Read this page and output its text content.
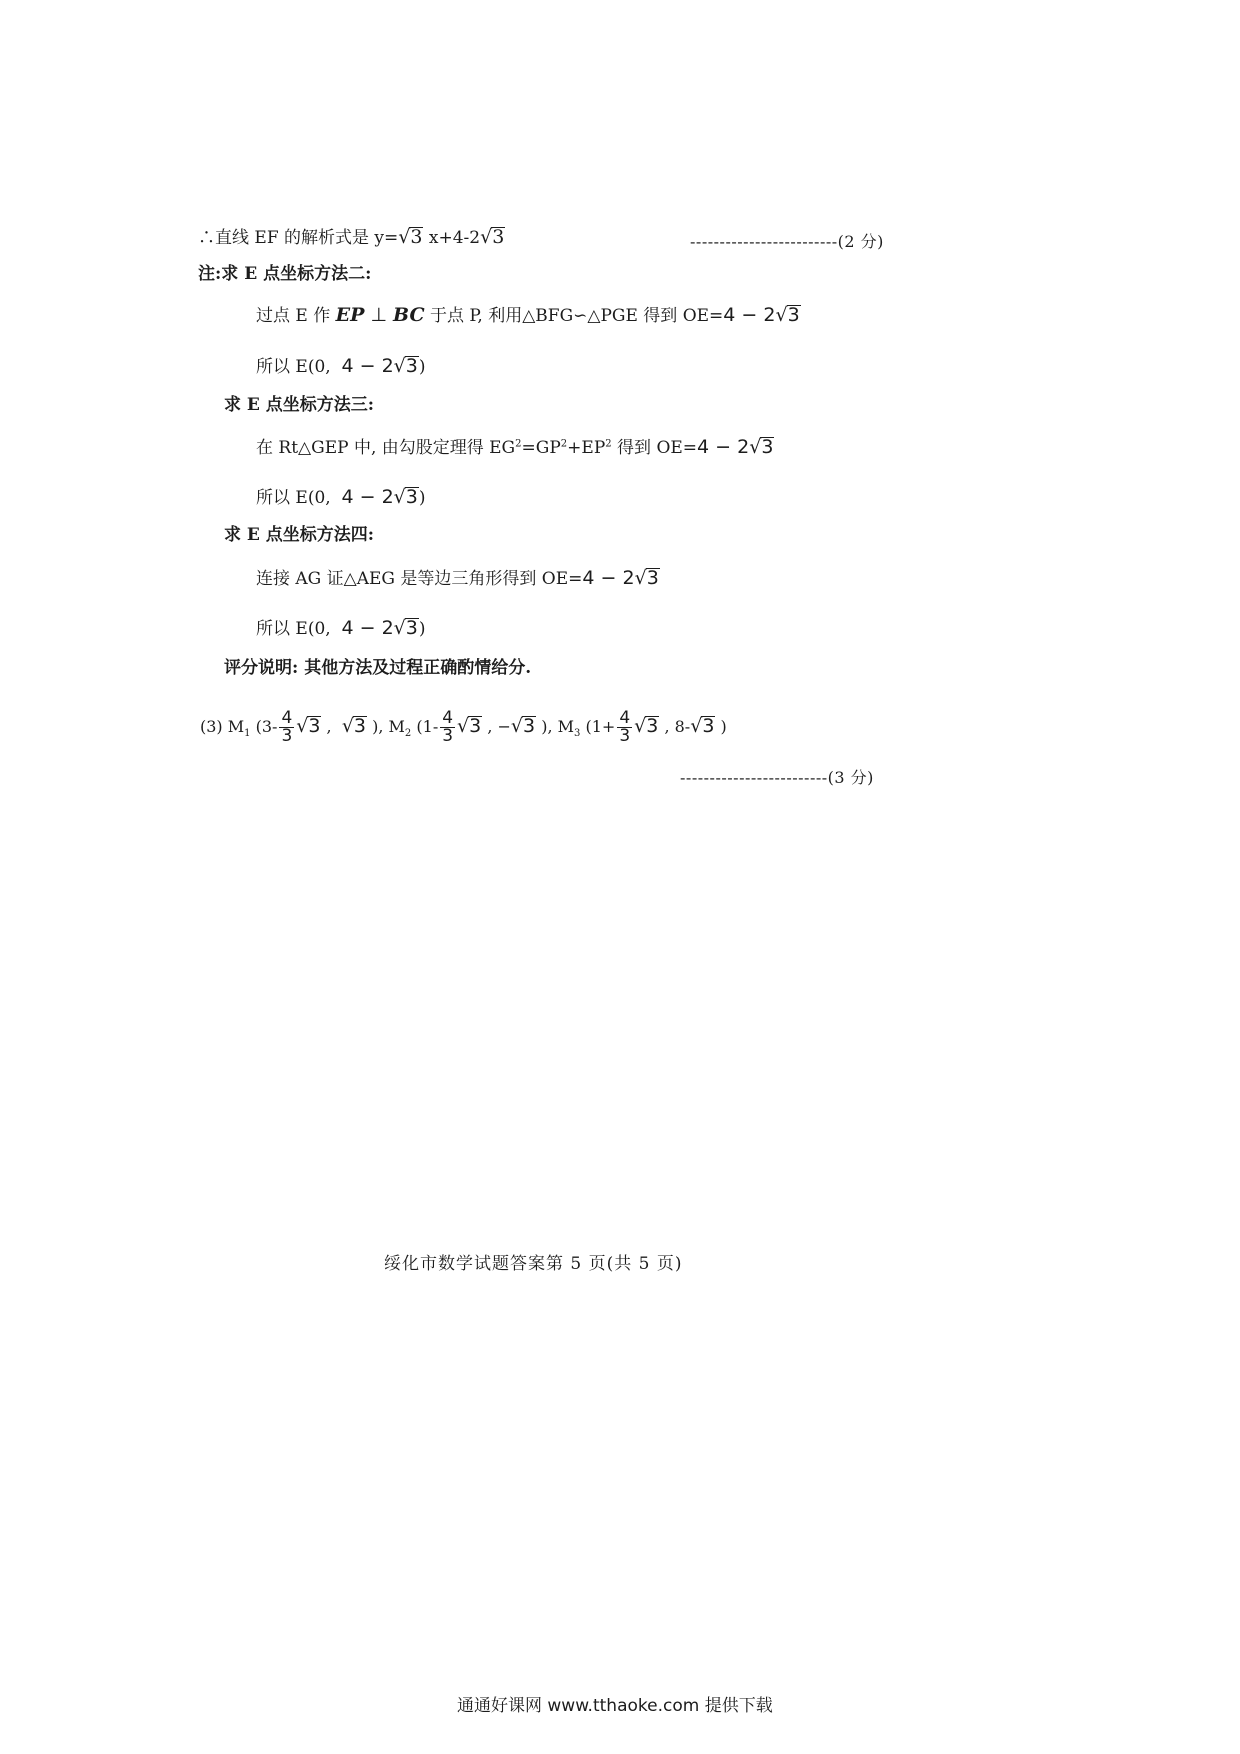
∴直线 EF 的解析式是 y=√3 x+4-2√3	-------------------------(2 分)
注:求 E 点坐标方法二:
过点 E 作 EP ⊥ BC 于点 P, 利用△BFG∽△PGE 得到 OE=4 − 2√3
所以 E(0, 4 − 2√3)
求 E 点坐标方法三:
在 Rt△GEP 中, 由勾股定理得 $EG^2=GP^2+EP^2$ 得到 OE=4 − 2√3
所以 E(0, 4 − 2√3)
求 E 点坐标方法四:
连接 AG 证△AEG 是等边三角形得到 OE=4 − 2√3
所以 E(0, 4 − 2√3)
评分说明: 其他方法及过程正确酌情给分.
(3) $M_1$ ($3- \frac{4}{3} √3$ , √3 ), $M_2$ ($1- \frac{4}{3} √3$ , −√3 ), $M_3$ ($1+ \frac{4}{3} √3$ , 8-√3 )
-------------------------(3 分)
绥化市数学试题答案第 5 页(共 5 页)
通通好课网 www.tthaoke.com 提供下载
